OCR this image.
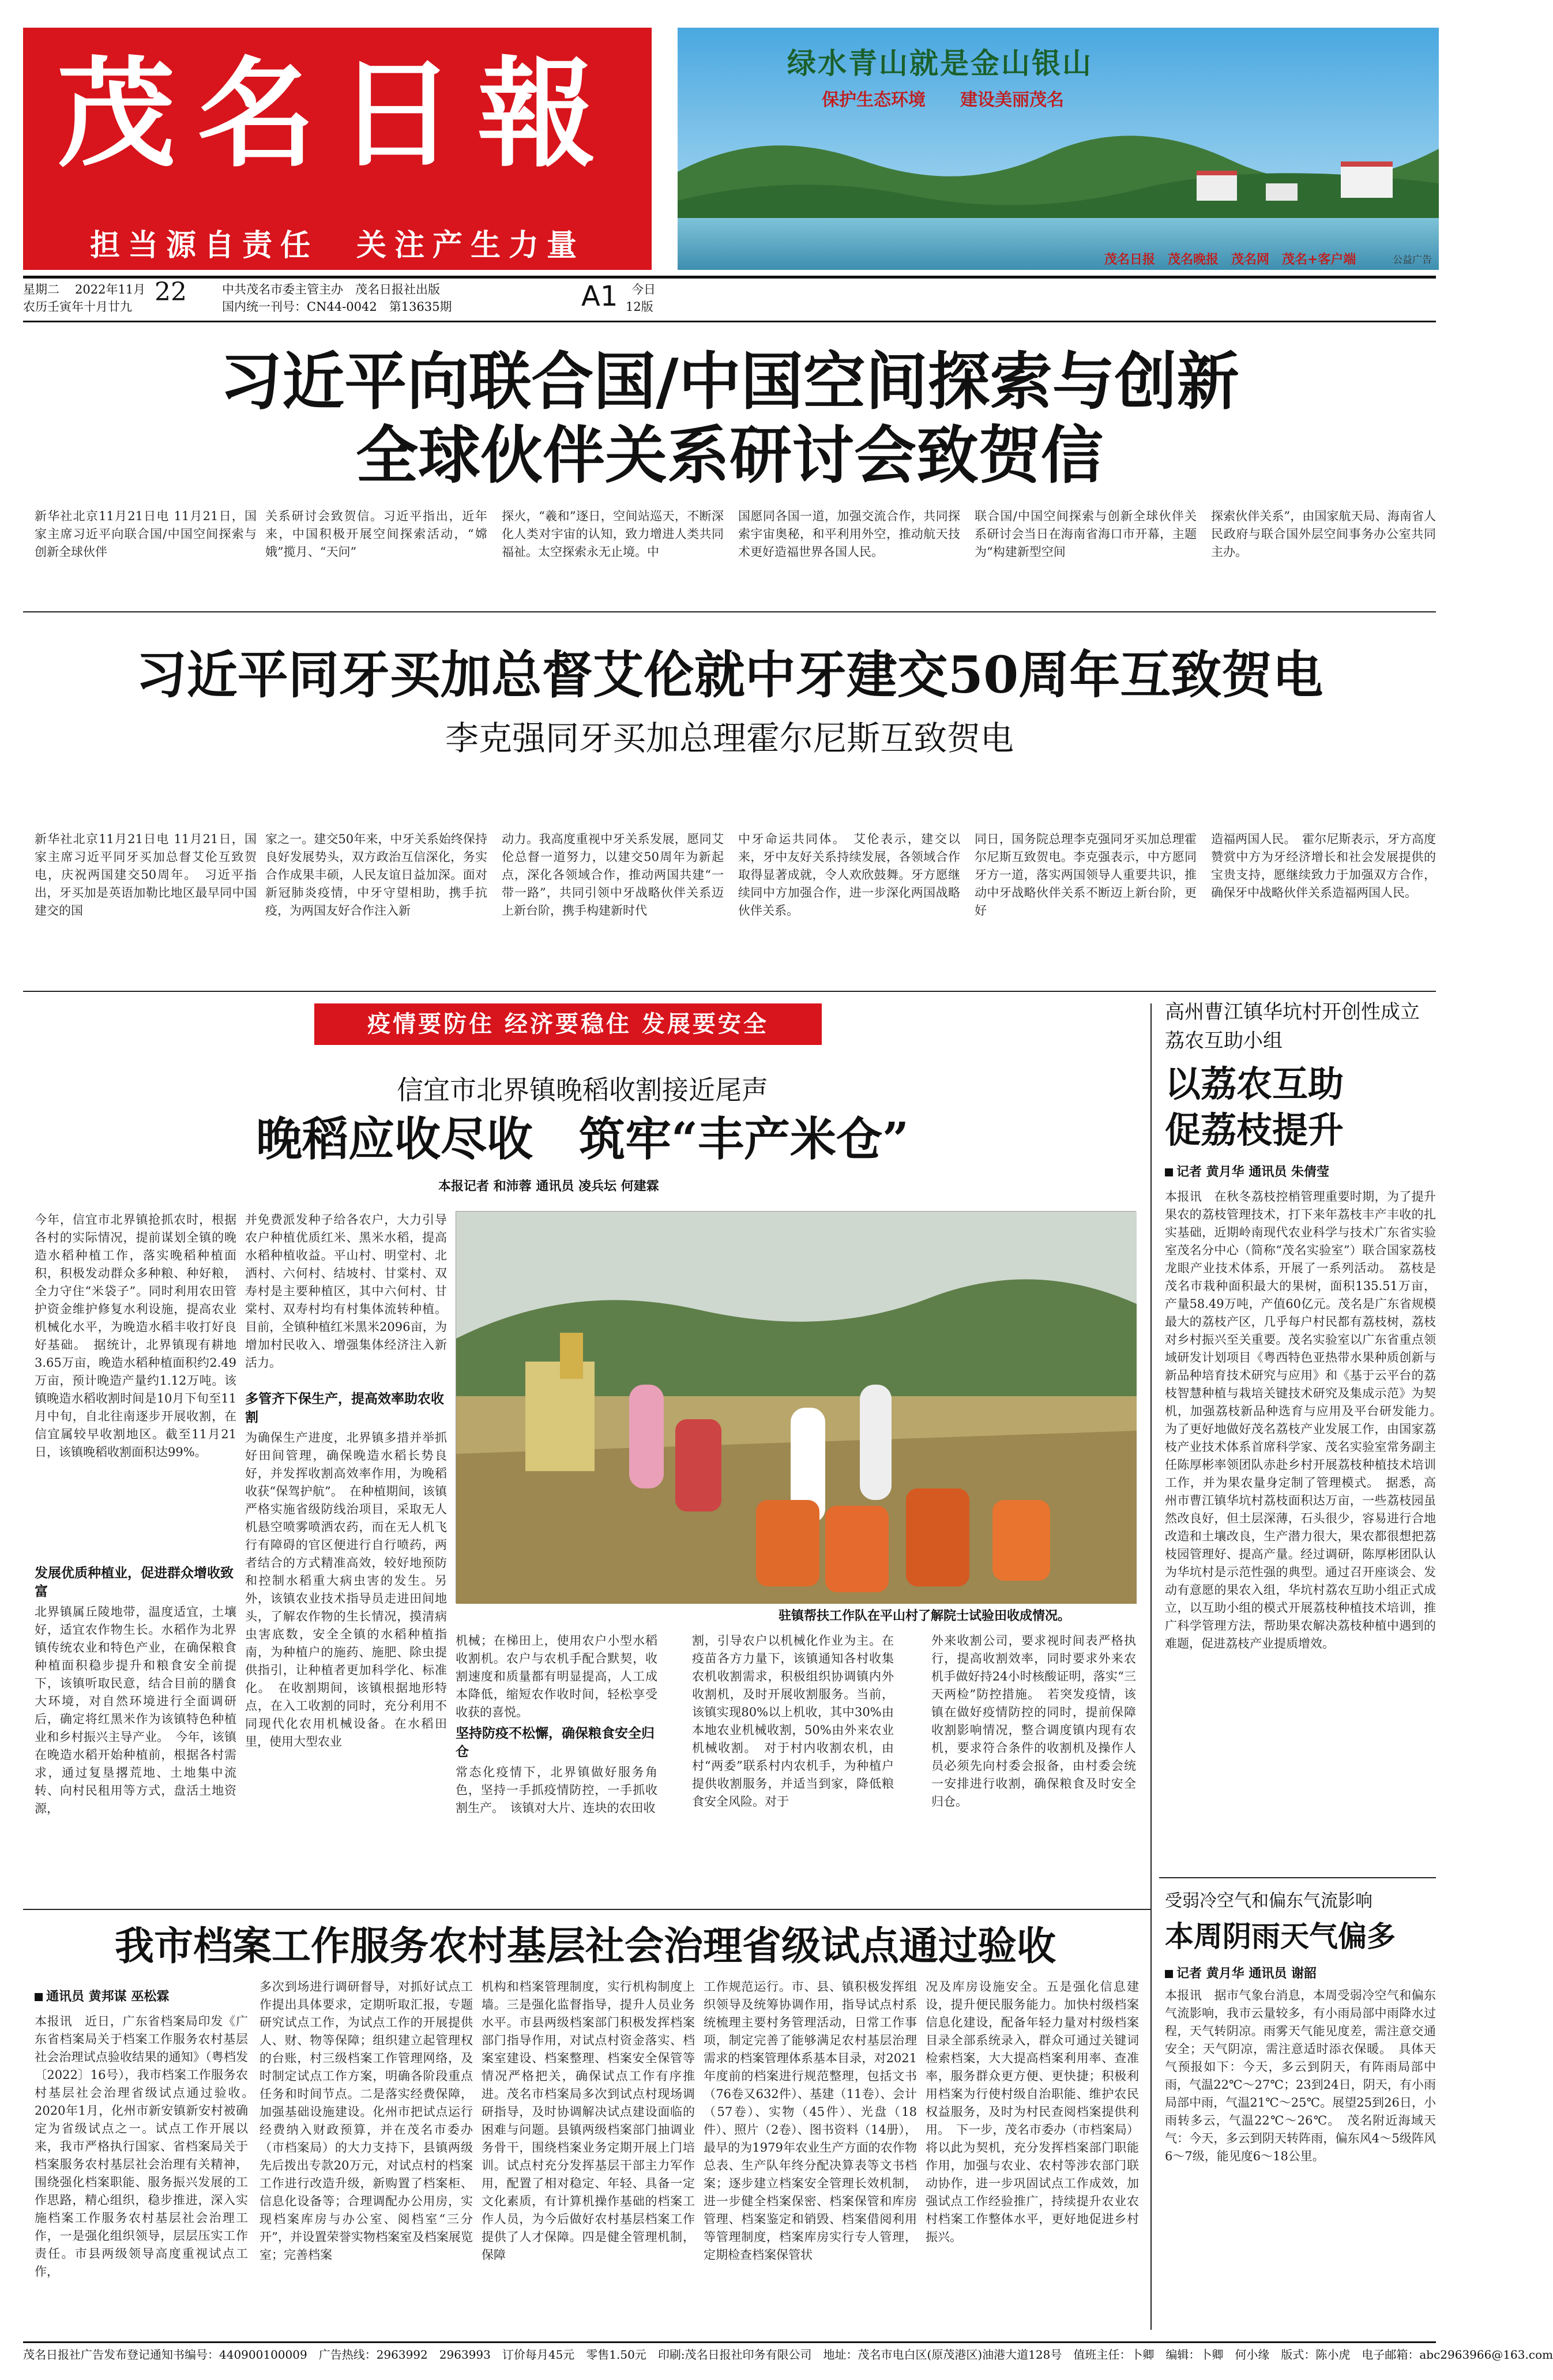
茂名日報
担当源自责任　关注产生力量
绿水青山就是金山银山
保护生态环境　　建设美丽茂名
茂名日报　茂名晚报　茂名网　茂名+客户端	公益广告
星期二 2022年11月 22
农历壬寅年十月廿九
中共茂名市委主管主办　茂名日报社出版
国内统一刊号：CN44-0042　第13635期	A1 今日
12版
习近平向联合国/中国空间探索与创新
全球伙伴关系研讨会致贺信
新华社北京11月21日电 11月21日，国家主席习近平向联合国/中国空间探索与创新全球伙伴
关系研讨会致贺信。习近平指出，近年来，中国积极开展空间探索活动，“嫦娥”揽月、“天问”
探火，“羲和”逐日，空间站巡天，不断深化人类对宇宙的认知，致力增进人类共同福祉。太空探索永无止境。中
国愿同各国一道，加强交流合作，共同探索宇宙奥秘，和平利用外空，推动航天技术更好造福世界各国人民。
联合国/中国空间探索与创新全球伙伴关系研讨会当日在海南省海口市开幕，主题为“构建新型空间
探索伙伴关系”，由国家航天局、海南省人民政府与联合国外层空间事务办公室共同主办。
习近平同牙买加总督艾伦就中牙建交50周年互致贺电
李克强同牙买加总理霍尔尼斯互致贺电
新华社北京11月21日电 11月21日，国家主席习近平同牙买加总督艾伦互致贺电，庆祝两国建交50周年。　习近平指出，牙买加是英语加勒比地区最早同中国建交的国
家之一。建交50年来，中牙关系始终保持良好发展势头，双方政治互信深化，务实合作成果丰硕，人民友谊日益加深。面对新冠肺炎疫情，中牙守望相助，携手抗疫，为两国友好合作注入新
动力。我高度重视中牙关系发展，愿同艾伦总督一道努力，以建交50周年为新起点，深化各领域合作，推动两国共建“一带一路”，共同引领中牙战略伙伴关系迈上新台阶，携手构建新时代
中牙命运共同体。　艾伦表示，建交以来，牙中友好关系持续发展，各领域合作取得显著成就，令人欢欣鼓舞。牙方愿继续同中方加强合作，进一步深化两国战略伙伴关系。
同日，国务院总理李克强同牙买加总理霍尔尼斯互致贺电。李克强表示，中方愿同牙方一道，落实两国领导人重要共识，推动中牙战略伙伴关系不断迈上新台阶，更好
造福两国人民。　霍尔尼斯表示，牙方高度赞赏中方为牙经济增长和社会发展提供的宝贵支持，愿继续致力于加强双方合作，确保牙中战略伙伴关系造福两国人民。
疫情要防住 经济要稳住 发展要安全
信宜市北界镇晚稻收割接近尾声
晚稻应收尽收　筑牢“丰产米仓”
本报记者 和沛蓉 通讯员 凌兵坛 何建霖
今年，信宜市北界镇抢抓农时，根据各村的实际情况，提前谋划全镇的晚造水稻种植工作，落实晚稻种植面积，积极发动群众多种粮、种好粮，全力守住“米袋子”。同时利用农田管护资金维护修复水利设施，提高农业机械化水平，为晚造水稻丰收打好良好基础。　据统计，北界镇现有耕地3.65万亩，晚造水稻种植面积约2.49万亩，预计晚造产量约1.12万吨。该镇晚造水稻收割时间是10月下旬至11月中旬，自北往南逐步开展收割，在信宜属较早收割地区。截至11月21日，该镇晚稻收割面积达99%。
发展优质种植业，促进群众增收致富
北界镇属丘陵地带，温度适宜，土壤好，适宜农作物生长。水稻作为北界镇传统农业和特色产业，在确保粮食种植面积稳步提升和粮食安全前提下，该镇听取民意，结合目前的膳食大环境，对自然环境进行全面调研后，确定将红黑米作为该镇特色种植业和乡村振兴主导产业。　今年，该镇在晚造水稻开始种植前，根据各村需求，通过复垦撂荒地、土地集中流转、向村民租用等方式，盘活土地资源，
并免费派发种子给各农户，大力引导农户种植优质红米、黑米水稻，提高水稻种植收益。平山村、明堂村、北洒村、六何村、结坡村、甘棠村、双寿村是主要种植区，其中六何村、甘棠村、双寿村均有村集体流转种植。目前，全镇种植红米黑米2096亩，为增加村民收入、增强集体经济注入新活力。
多管齐下保生产，提高效率助农收割
为确保生产进度，北界镇多措并举抓好田间管理，确保晚造水稻长势良好，并发挥收割高效率作用，为晚稻收获“保驾护航”。　在种植期间，该镇严格实施省级防线治项目，采取无人机悬空喷雾喷洒农药，而在无人机飞行有障碍的官区便进行自行喷药，两者结合的方式精准高效，较好地预防和控制水稻重大病虫害的发生。另外，该镇农业技术指导员走进田间地头，了解农作物的生长情况，摸清病虫害底数，安全全镇的水稻种植指南，为种植户的施药、施肥、除虫提供指引，让种植者更加科学化、标准化。　在收割期间，该镇根据地形特点，在入工收割的同时，充分利用不同现代化农用机械设备。在水稻田里，使用大型农业
驻镇帮扶工作队在平山村了解院士试验田收成情况。
机械；在梯田上，使用农户小型水稻收割机。农户与农机手配合默契，收割速度和质量都有明显提高，人工成本降低，缩短农作收时间，轻松享受收获的喜悦。
坚持防疫不松懈，确保粮食安全归仓
常态化疫情下，北界镇做好服务角色，坚持一手抓疫情防控，一手抓收割生产。　该镇对大片、连块的农田收
割，引导农户以机械化作业为主。在疫苗各方力量下，该镇通知各村收集农机收割需求，积极组织协调镇内外收割机，及时开展收割服务。当前，该镇实现80%以上机收，其中30%由本地农业机械收割，50%由外来农业机械收割。　对于村内收割农机，由村“两委”联系村内农机手，为种植户提供收割服务，并适当到家，降低粮食安全风险。对于
外来收割公司，要求视时间表严格执行，提高收割效率，同时要求外来农机手做好持24小时核酸证明，落实“三天两检”防控措施。　若突发疫情，该镇在做好疫情防控的同时，提前保障收割影响情况，整合调度镇内现有农机，要求符合条件的收割机及操作人员必须先向村委会报备，由村委会统一安排进行收割，确保粮食及时安全归仓。
高州曹江镇华坑村开创性成立荔农互助小组
以荔农互助
促荔枝提升
记者 黄月华 通讯员 朱倩莹
本报讯　在秋冬荔枝控梢管理重要时期，为了提升果农的荔枝管理技术，打下来年荔枝丰产丰收的扎实基础，近期岭南现代农业科学与技术广东省实验室茂名分中心（简称“茂名实验室”）联合国家荔枝龙眼产业技术体系，开展了一系列活动。　荔枝是茂名市栽种面积最大的果树，面积135.51万亩，产量58.49万吨，产值60亿元。茂名是广东省规模最大的荔枝产区，几乎每户村民都有荔枝树，荔枝对乡村振兴至关重要。茂名实验室以广东省重点领域研发计划项目《粤西特色亚热带水果种质创新与新品种培育技术研究与应用》和《基于云平台的荔枝智慧种植与栽培关键技术研究及集成示范》为契机，加强荔枝新品种选育与应用及平台研发能力。　为了更好地做好茂名荔枝产业发展工作，由国家荔枝产业技术体系首席科学家、茂名实验室常务副主任陈厚彬率领团队赤赴乡村开展荔枝种植技术培训工作，并为果农量身定制了管理模式。　据悉，高州市曹江镇华坑村荔枝面积达万亩，一些荔枝园虽然改良好，但土层深薄，石头很少，容易进行合地改造和土壤改良，生产潜力很大，果农都很想把荔枝园管理好、提高产量。经过调研，陈厚彬团队认为华坑村是示范性强的典型。通过召开座谈会、发动有意愿的果农入组，华坑村荔农互助小组正式成立，以互助小组的模式开展荔枝种植技术培训，推广科学管理方法，帮助果农解决荔枝种植中遇到的难题，促进荔枝产业提质增效。
我市档案工作服务农村基层社会治理省级试点通过验收
通讯员 黄邦谋 巫松霖
本报讯　近日，广东省档案局印发《广东省档案局关于档案工作服务农村基层社会治理试点验收结果的通知》（粤档发〔2022〕16号），我市档案工作服务农村基层社会治理省级试点通过验收。　2020年1月，化州市新安镇新安村被确定为省级试点之一。试点工作开展以来，我市严格执行国家、省档案局关于档案服务农村基层社会治理有关精神，围绕强化档案职能、服务振兴发展的工作思路，精心组织，稳步推进，深入实施档案工作服务农村基层社会治理工作，一是强化组织领导，层层压实工作责任。市县两级领导高度重视试点工作，
多次到场进行调研督导，对抓好试点工作提出具体要求，定期听取汇报，专题研究试点工作，为试点工作的开展提供人、财、物等保障；组织建立起管理权的台账，村三级档案工作管理网络，及时制定试点工作方案，明确各阶段重点任务和时间节点。二是落实经费保障，加强基础设施建设。化州市把试点运行经费纳入财政预算，并在茂名市委办（市档案局）的大力支持下，县镇两级先后拨出专款20万元，对试点村的档案工作进行改造升级，新购置了档案柜、信息化设备等；合理调配办公用房，实现档案库房与办公室、阅档室“三分开”，并设置荣誉实物档案室及档案展览室；完善档案
机构和档案管理制度，实行机构制度上墙。三是强化监督指导，提升人员业务水平。市县两级档案部门积极发挥档案部门指导作用，对试点村资金落实、档案室建设、档案整理、档案安全保管等情况严格把关，确保试点工作有序推进。茂名市档案局多次到试点村现场调研指导，及时协调解决试点建设面临的困难与问题。县镇两级档案部门抽调业务骨干，围绕档案业务定期开展上门培训。试点村充分发挥基层干部主力军作用，配置了相对稳定、年轻、具备一定文化素质，有计算机操作基础的档案工作人员，为今后做好农村基层档案工作提供了人才保障。四是健全管理机制，保障
工作规范运行。市、县、镇积极发挥组织领导及统筹协调作用，指导试点村系统梳理主要村务管理活动，日常工作事项，制定完善了能够满足农村基层治理需求的档案管理体系基本目录，对2021年度前的档案进行规范整理，包括文书（76卷又632件）、基建（11卷）、会计（57卷）、实物（45件）、光盘（18件）、照片（2卷）、图书资料（14册），最早的为1979年农业生产方面的农作物总表、生产队年终分配决算表等文书档案；逐步建立档案安全管理长效机制，进一步健全档案保密、档案保管和库房管理、档案鉴定和销毁、档案借阅利用等管理制度，档案库房实行专人管理，定期检查档案保管状
况及库房设施安全。五是强化信息建设，提升便民服务能力。加快村级档案信息化建设，配备年轻力量对村级档案目录全部系统录入，群众可通过关键词检索档案，大大提高档案利用率、查准率，服务群众更方便、更快捷；积极利用档案为行使村级自治职能、维护农民权益服务，及时为村民查阅档案提供利用。　下一步，茂名市委办（市档案局）将以此为契机，充分发挥档案部门职能作用，加强与农业、农村等涉农部门联动协作，进一步巩固试点工作成效，加强试点工作经验推广，持续提升农业农村档案工作整体水平，更好地促进乡村振兴。
受弱冷空气和偏东气流影响
本周阴雨天气偏多
记者 黄月华 通讯员 谢韶
本报讯　据市气象台消息，本周受弱冷空气和偏东气流影响，我市云量较多，有小雨局部中雨降水过程，天气转阴凉。雨雾天气能见度差，需注意交通安全；天气阴凉，需注意适时添衣保暖。　具体天气预报如下：今天，多云到阴天，有阵雨局部中雨，气温22℃～27℃；23到24日，阴天，有小雨局部中雨，气温21℃～25℃。展望25到26日，小雨转多云，气温22℃～26℃。　茂名附近海域天气：今天，多云到阴天转阵雨，偏东风4～5级阵风6～7级，能见度6～18公里。
茂名日报社广告发布登记通知书编号：440900100009　广告热线：2963992　2963993　订价每月45元　零售1.50元　印刷:茂名日报社印务有限公司　地址：茂名市电白区(原茂港区)油港大道128号　值班主任：卜卿　编辑：卜卿　何小缘　版式：陈小虎　电子邮箱：abc2963966@163.com
